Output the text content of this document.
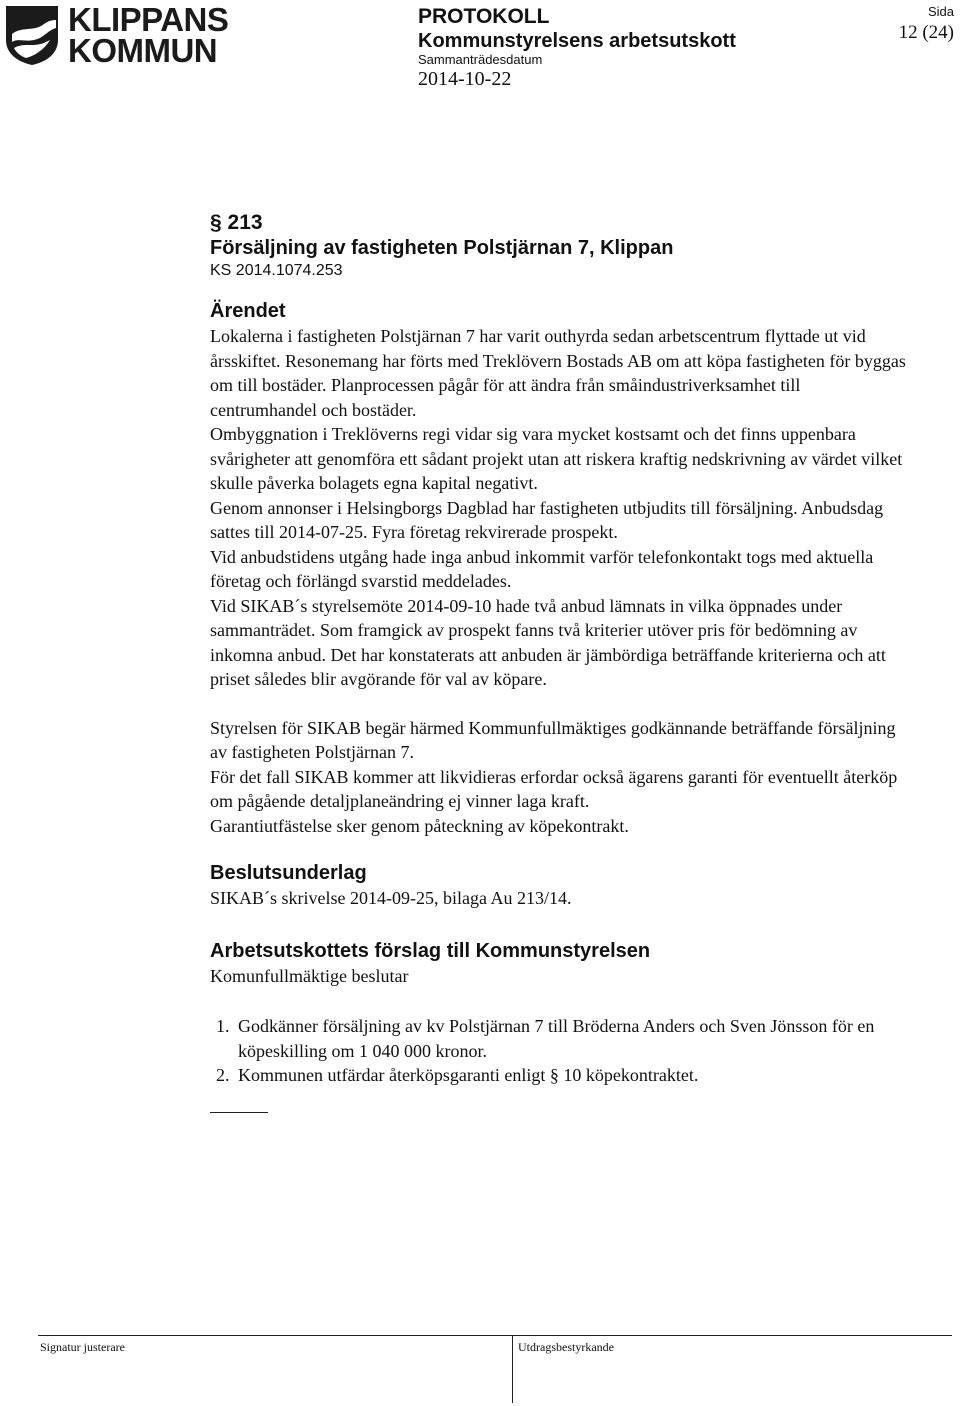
KLIPPANS
KOMMUN
PROTOKOLL
Kommunstyrelsens arbetsutskott
Sammanträdesdatum
2014-10-22
Sida
12 (24)
§ 213
Försäljning av fastigheten Polstjärnan 7, Klippan
KS 2014.1074.253
Ärendet

Lokalerna i fastigheten Polstjärnan 7 har varit outhyrda sedan arbetscentrum flyttade ut vid årsskiftet. Resonemang har förts med Treklövern Bostads AB om att köpa fastigheten för byggas om till bostäder. Planprocessen pågår för att ändra från småindustriverksamhet till centrumhandel och bostäder.

Ombyggnation i Treklöverns regi vidar sig vara mycket kostsamt och det finns uppenbara svårigheter att genomföra ett sådant projekt utan att riskera kraftig nedskrivning av värdet vilket skulle påverka bolagets egna kapital negativt.

Genom annonser i Helsingborgs Dagblad har fastigheten utbjudits till försäljning. Anbudsdag sattes till 2014-07-25. Fyra företag rekvirerade prospekt.

Vid anbudstidens utgång hade inga anbud inkommit varför telefonkontakt togs med aktuella företag och förlängd svarstid meddelades.

Vid SIKAB´s styrelsemöte 2014-09-10 hade två anbud lämnats in vilka öppnades under sammanträdet. Som framgick av prospekt fanns två kriterier utöver pris för bedömning av inkomna anbud. Det har konstaterats att anbuden är jämbördiga beträffande kriterierna och att priset således blir avgörande för val av köpare.

Styrelsen för SIKAB begär härmed Kommunfullmäktiges godkännande beträffande försäljning av fastigheten Polstjärnan 7.

För det fall SIKAB kommer att likvidieras erfordar också ägarens garanti för eventuellt återköp om pågående detaljplaneändring ej vinner laga kraft.

Garantiutfästelse sker genom påteckning av köpekontrakt.

Beslutsunderlag

SIKAB´s skrivelse 2014-09-25, bilaga Au 213/14.

Arbetsutskottets förslag till Kommunstyrelsen

Komunfullmäktige beslutar

1. Godkänner försäljning av kv Polstjärnan 7 till Bröderna Anders och Sven Jönsson för en köpeskilling om 1 040 000 kronor.
2. Kommunen utfärdar återköpsgaranti enligt § 10 köpekontraktet.
Signatur justerare	Utdragsbestyrkande
